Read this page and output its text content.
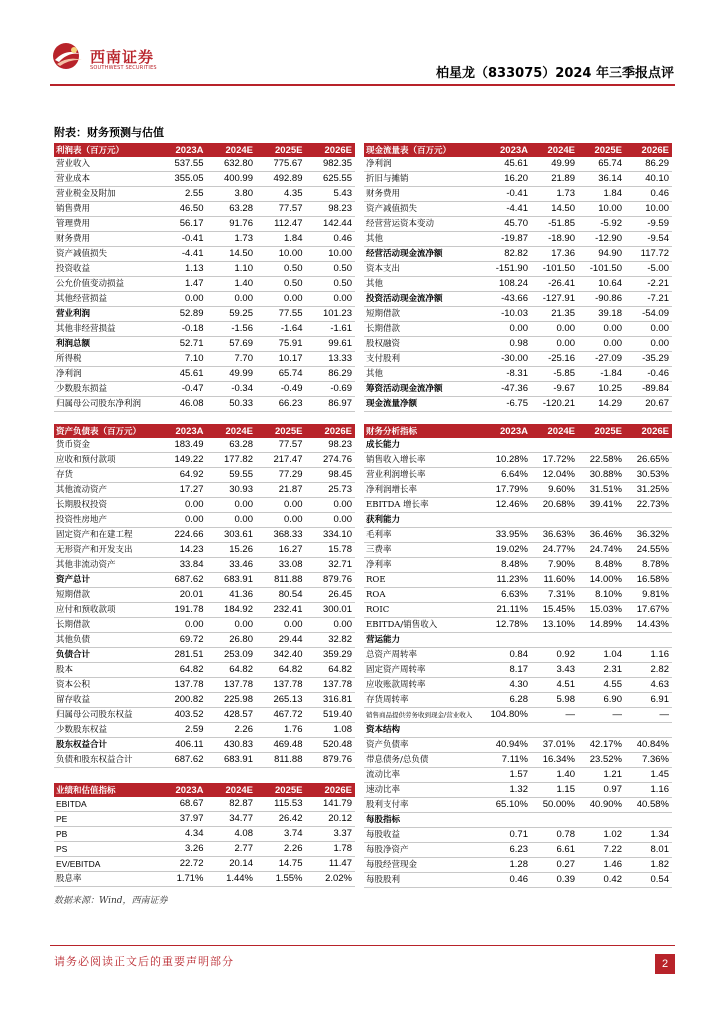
西南证券
SOUTHWEST SECURITIES	柏星龙（833075）2024 年三季报点评
附表：财务预测与估值
利润表（百万元）	2023A	2024E	2025E	2026E
营业收入	537.55	632.80	775.67	982.35
营业成本	355.05	400.99	492.89	625.55
营业税金及附加	2.55	3.80	4.35	5.43
销售费用	46.50	63.28	77.57	98.23
管理费用	56.17	91.76	112.47	142.44
财务费用	-0.41	1.73	1.84	0.46
资产减值损失	-4.41	14.50	10.00	10.00
投资收益	1.13	1.10	0.50	0.50
公允价值变动损益	1.47	1.40	0.50	0.50
其他经营损益	0.00	0.00	0.00	0.00
营业利润	52.89	59.25	77.55	101.23
其他非经营损益	-0.18	-1.56	-1.64	-1.61
利润总额	52.71	57.69	75.91	99.61
所得税	7.10	7.70	10.17	13.33
净利润	45.61	49.99	65.74	86.29
少数股东损益	-0.47	-0.34	-0.49	-0.69
归属母公司股东净利润	46.08	50.33	66.23	86.97
现金流量表（百万元）	2023A	2024E	2025E	2026E
净利润	45.61	49.99	65.74	86.29
折旧与摊销	16.20	21.89	36.14	40.10
财务费用	-0.41	1.73	1.84	0.46
资产减值损失	-4.41	14.50	10.00	10.00
经营营运资本变动	45.70	-51.85	-5.92	-9.59
其他	-19.87	-18.90	-12.90	-9.54
经营活动现金流净额	82.82	17.36	94.90	117.72
资本支出	-151.90	-101.50	-101.50	-5.00
其他	108.24	-26.41	10.64	-2.21
投资活动现金流净额	-43.66	-127.91	-90.86	-7.21
短期借款	-10.03	21.35	39.18	-54.09
长期借款	0.00	0.00	0.00	0.00
股权融资	0.98	0.00	0.00	0.00
支付股利	-30.00	-25.16	-27.09	-35.29
其他	-8.31	-5.85	-1.84	-0.46
筹资活动现金流净额	-47.36	-9.67	10.25	-89.84
现金流量净额	-6.75	-120.21	14.29	20.67
资产负债表（百万元）	2023A	2024E	2025E	2026E
货币资金	183.49	63.28	77.57	98.23
应收和预付款项	149.22	177.82	217.47	274.76
存货	64.92	59.55	77.29	98.45
其他流动资产	17.27	30.93	21.87	25.73
长期股权投资	0.00	0.00	0.00	0.00
投资性房地产	0.00	0.00	0.00	0.00
固定资产和在建工程	224.66	303.61	368.33	334.10
无形资产和开发支出	14.23	15.26	16.27	15.78
其他非流动资产	33.84	33.46	33.08	32.71
资产总计	687.62	683.91	811.88	879.76
短期借款	20.01	41.36	80.54	26.45
应付和预收款项	191.78	184.92	232.41	300.01
长期借款	0.00	0.00	0.00	0.00
其他负债	69.72	26.80	29.44	32.82
负债合计	281.51	253.09	342.40	359.29
股本	64.82	64.82	64.82	64.82
资本公积	137.78	137.78	137.78	137.78
留存收益	200.82	225.98	265.13	316.81
归属母公司股东权益	403.52	428.57	467.72	519.40
少数股东权益	2.59	2.26	1.76	1.08
股东权益合计	406.11	430.83	469.48	520.48
负债和股东权益合计	687.62	683.91	811.88	879.76
财务分析指标	2023A	2024E	2025E	2026E
成长能力				
销售收入增长率	10.28%	17.72%	22.58%	26.65%
营业利润增长率	6.64%	12.04%	30.88%	30.53%
净利润增长率	17.79%	9.60%	31.51%	31.25%
EBITDA 增长率	12.46%	20.68%	39.41%	22.73%
获利能力				
毛利率	33.95%	36.63%	36.46%	36.32%
三费率	19.02%	24.77%	24.74%	24.55%
净利率	8.48%	7.90%	8.48%	8.78%
ROE	11.23%	11.60%	14.00%	16.58%
ROA	6.63%	7.31%	8.10%	9.81%
ROIC	21.11%	15.45%	15.03%	17.67%
EBITDA/销售收入	12.78%	13.10%	14.89%	14.43%
营运能力				
总资产周转率	0.84	0.92	1.04	1.16
固定资产周转率	8.17	3.43	2.31	2.82
应收账款周转率	4.30	4.51	4.55	4.63
存货周转率	6.28	5.98	6.90	6.91
销售商品提供劳务收到现金/营业收入	104.80%	—	—	—
资本结构				
资产负债率	40.94%	37.01%	42.17%	40.84%
带息债务/总负债	7.11%	16.34%	23.52%	7.36%
流动比率	1.57	1.40	1.21	1.45
速动比率	1.32	1.15	0.97	1.16
股利支付率	65.10%	50.00%	40.90%	40.58%
每股指标				
每股收益	0.71	0.78	1.02	1.34
每股净资产	6.23	6.61	7.22	8.01
每股经营现金	1.28	0.27	1.46	1.82
每股股利	0.46	0.39	0.42	0.54
业绩和估值指标	2023A	2024E	2025E	2026E
EBITDA	68.67	82.87	115.53	141.79
PE	37.97	34.77	26.42	20.12
PB	4.34	4.08	3.74	3.37
PS	3.26	2.77	2.26	1.78
EV/EBITDA	22.72	20.14	14.75	11.47
股息率	1.71%	1.44%	1.55%	2.02%
数据来源：Wind，西南证券
请务必阅读正文后的重要声明部分	2
